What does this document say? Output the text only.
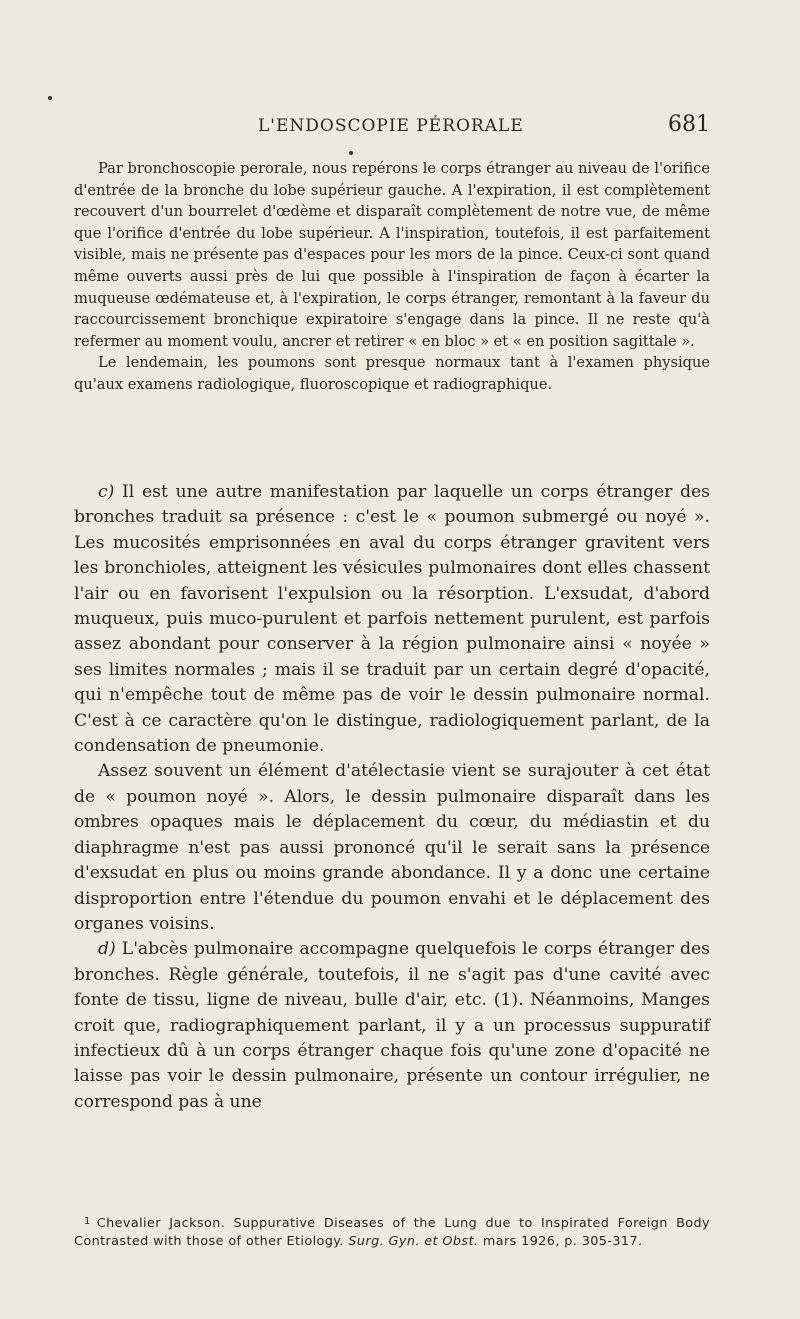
L'ENDOSCOPIE PÉRORALE	681

Par bronchoscopie perorale, nous repérons le corps étranger au niveau de l'orifice d'entrée de la bronche du lobe supérieur gauche. A l'expiration, il est complètement recouvert d'un bourrelet d'œdème et disparaît complètement de notre vue, de même que l'orifice d'entrée du lobe supérieur. A l'inspiration, toutefois, il est parfaitement visible, mais ne présente pas d'espaces pour les mors de la pince. Ceux-ci sont quand même ouverts aussi près de lui que possible à l'inspiration de façon à écarter la muqueuse œdémateuse et, à l'expiration, le corps étranger, remontant à la faveur du raccourcissement bronchique expiratoire s'engage dans la pince. Il ne reste qu'à refermer au moment voulu, ancrer et retirer « en bloc » et « en position sagittale ».

Le lendemain, les poumons sont presque normaux tant à l'examen physique qu'aux examens radiologique, fluoroscopique et radiographique.

c) Il est une autre manifestation par laquelle un corps étranger des bronches traduit sa présence : c'est le « poumon submergé ou noyé ». Les mucosités emprisonnées en aval du corps étranger gravitent vers les bronchioles, atteignent les vésicules pulmonaires dont elles chassent l'air ou en favorisent l'expulsion ou la résorption. L'exsudat, d'abord muqueux, puis muco-purulent et parfois nettement purulent, est parfois assez abondant pour conserver à la région pulmonaire ainsi « noyée » ses limites normales ; mais il se traduit par un certain degré d'opacité, qui n'empêche tout de même pas de voir le dessin pulmonaire normal. C'est à ce caractère qu'on le distingue, radiologiquement parlant, de la condensation de pneumonie.

Assez souvent un élément d'atélectasie vient se surajouter à cet état de « poumon noyé ». Alors, le dessin pulmonaire disparaît dans les ombres opaques mais le déplacement du cœur, du médiastin et du diaphragme n'est pas aussi prononcé qu'il le serait sans la présence d'exsudat en plus ou moins grande abondance. Il y a donc une certaine disproportion entre l'étendue du poumon envahi et le déplacement des organes voisins.

d) L'abcès pulmonaire accompagne quelquefois le corps étranger des bronches. Règle générale, toutefois, il ne s'agit pas d'une cavité avec fonte de tissu, ligne de niveau, bulle d'air, etc. (1). Néanmoins, Manges croit que, radiographiquement parlant, il y a un processus suppuratif infectieux dû à un corps étranger chaque fois qu'une zone d'opacité ne laisse pas voir le dessin pulmonaire, présente un contour irrégulier, ne correspond pas à une

$^1$ Chevalier Jackson. Suppurative Diseases of the Lung due to Inspirated Foreign Body Contrasted with those of other Etiology. Surg. Gyn. et Obst. mars 1926, p. 305-317.
